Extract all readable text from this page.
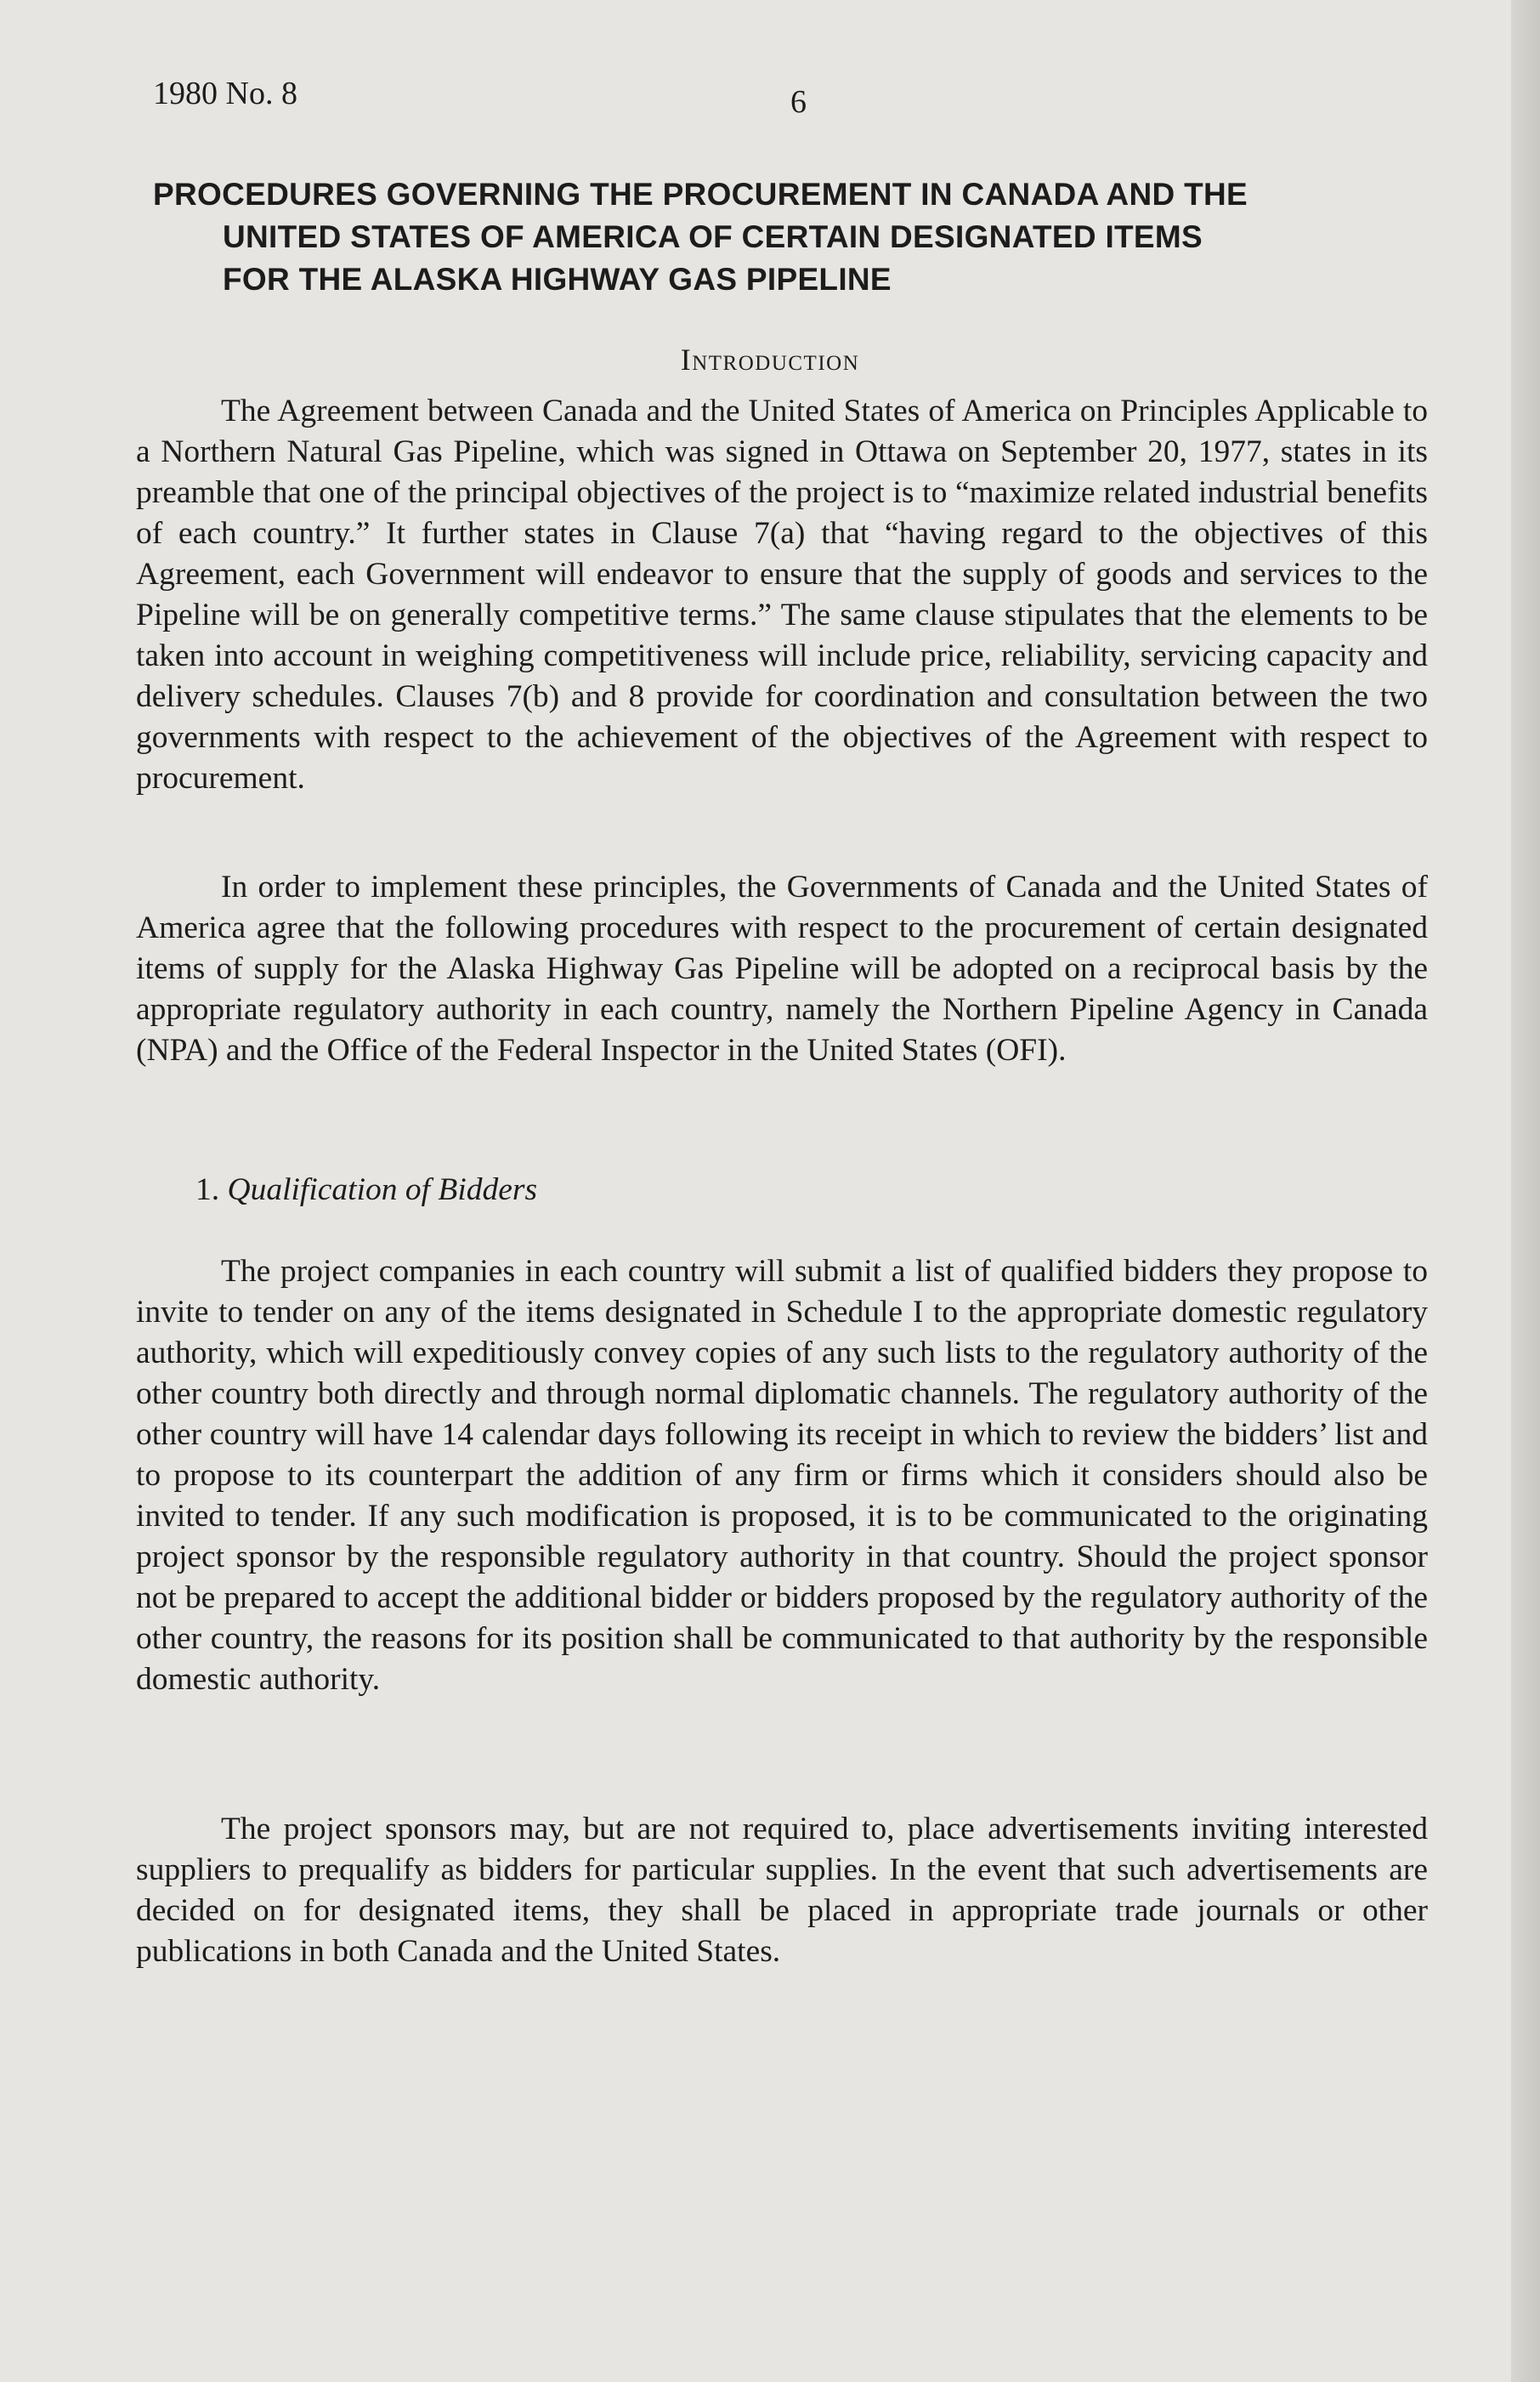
1980 No. 8	6
PROCEDURES GOVERNING THE PROCUREMENT IN CANADA AND THE
UNITED STATES OF AMERICA OF CERTAIN DESIGNATED ITEMS
FOR THE ALASKA HIGHWAY GAS PIPELINE
Introduction

The Agreement between Canada and the United States of America on Principles Applicable to a Northern Natural Gas Pipeline, which was signed in Ottawa on September 20, 1977, states in its preamble that one of the principal objectives of the project is to “maximize related industrial benefits of each country.” It further states in Clause 7(a) that “having regard to the objectives of this Agreement, each Government will endeavor to ensure that the supply of goods and services to the Pipeline will be on generally competitive terms.” The same clause stipulates that the elements to be taken into account in weighing competitiveness will include price, reliability, servicing capacity and delivery schedules. Clauses 7(b) and 8 provide for coordination and consultation between the two governments with respect to the achievement of the objectives of the Agreement with respect to procurement.

In order to implement these principles, the Governments of Canada and the United States of America agree that the following procedures with respect to the procurement of certain designated items of supply for the Alaska Highway Gas Pipeline will be adopted on a reciprocal basis by the appropriate regulatory authority in each country, namely the Northern Pipeline Agency in Canada (NPA) and the Office of the Federal Inspector in the United States (OFI).

1. Qualification of Bidders

The project companies in each country will submit a list of qualified bidders they propose to invite to tender on any of the items designated in Schedule I to the appropriate domestic regulatory authority, which will expeditiously convey copies of any such lists to the regulatory authority of the other country both directly and through normal diplomatic channels. The regulatory authority of the other country will have 14 calendar days following its receipt in which to review the bidders’ list and to propose to its counterpart the addition of any firm or firms which it considers should also be invited to tender. If any such modification is proposed, it is to be communicated to the originating project sponsor by the responsible regulatory authority in that country. Should the project sponsor not be prepared to accept the additional bidder or bidders proposed by the regulatory authority of the other country, the reasons for its position shall be communicated to that authority by the responsible domestic authority.

The project sponsors may, but are not required to, place advertisements inviting interested suppliers to prequalify as bidders for particular supplies. In the event that such advertisements are decided on for designated items, they shall be placed in appropriate trade journals or other publications in both Canada and the United States.
